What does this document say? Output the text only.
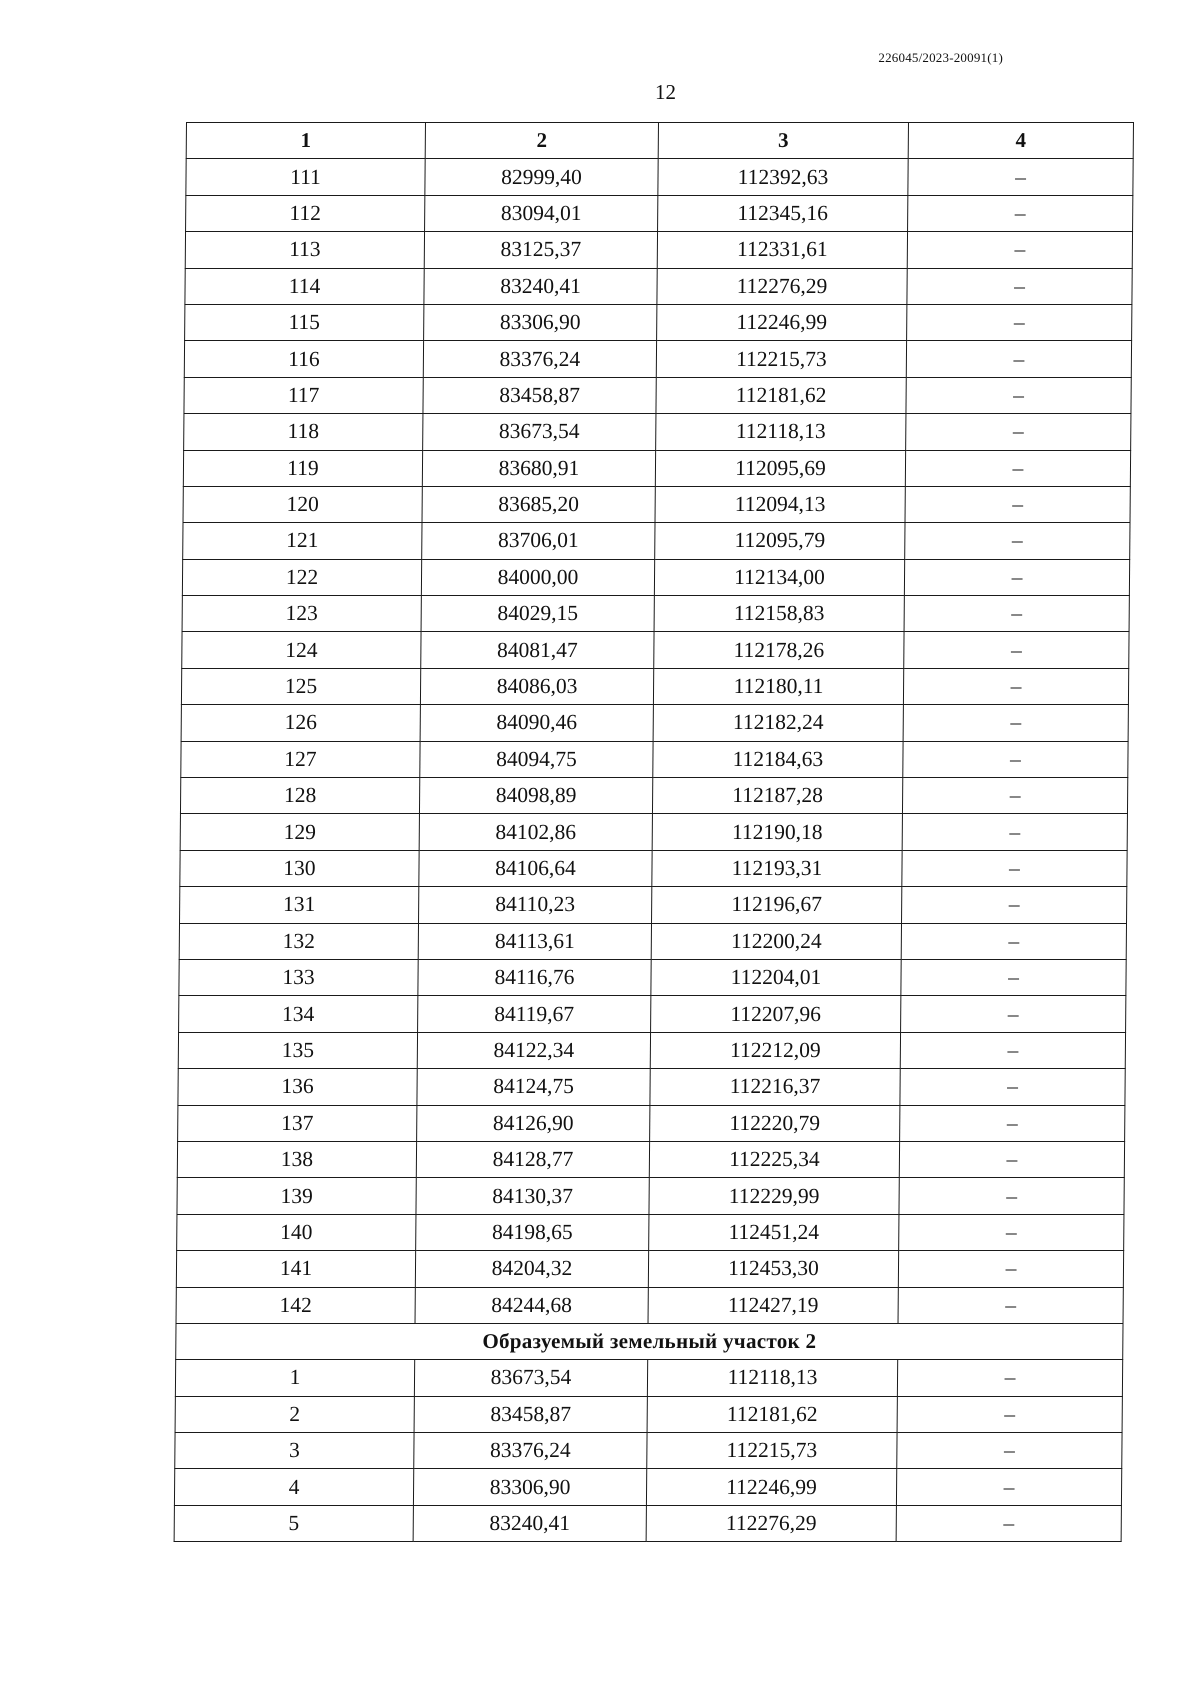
226045/2023-20091(1)
12
1	2	3	4
111	82999,40	112392,63	–
112	83094,01	112345,16	–
113	83125,37	112331,61	–
114	83240,41	112276,29	–
115	83306,90	112246,99	–
116	83376,24	112215,73	–
117	83458,87	112181,62	–
118	83673,54	112118,13	–
119	83680,91	112095,69	–
120	83685,20	112094,13	–
121	83706,01	112095,79	–
122	84000,00	112134,00	–
123	84029,15	112158,83	–
124	84081,47	112178,26	–
125	84086,03	112180,11	–
126	84090,46	112182,24	–
127	84094,75	112184,63	–
128	84098,89	112187,28	–
129	84102,86	112190,18	–
130	84106,64	112193,31	–
131	84110,23	112196,67	–
132	84113,61	112200,24	–
133	84116,76	112204,01	–
134	84119,67	112207,96	–
135	84122,34	112212,09	–
136	84124,75	112216,37	–
137	84126,90	112220,79	–
138	84128,77	112225,34	–
139	84130,37	112229,99	–
140	84198,65	112451,24	–
141	84204,32	112453,30	–
142	84244,68	112427,19	–
Образуемый земельный участок 2			
1	83673,54	112118,13	–
2	83458,87	112181,62	–
3	83376,24	112215,73	–
4	83306,90	112246,99	–
5	83240,41	112276,29	–
